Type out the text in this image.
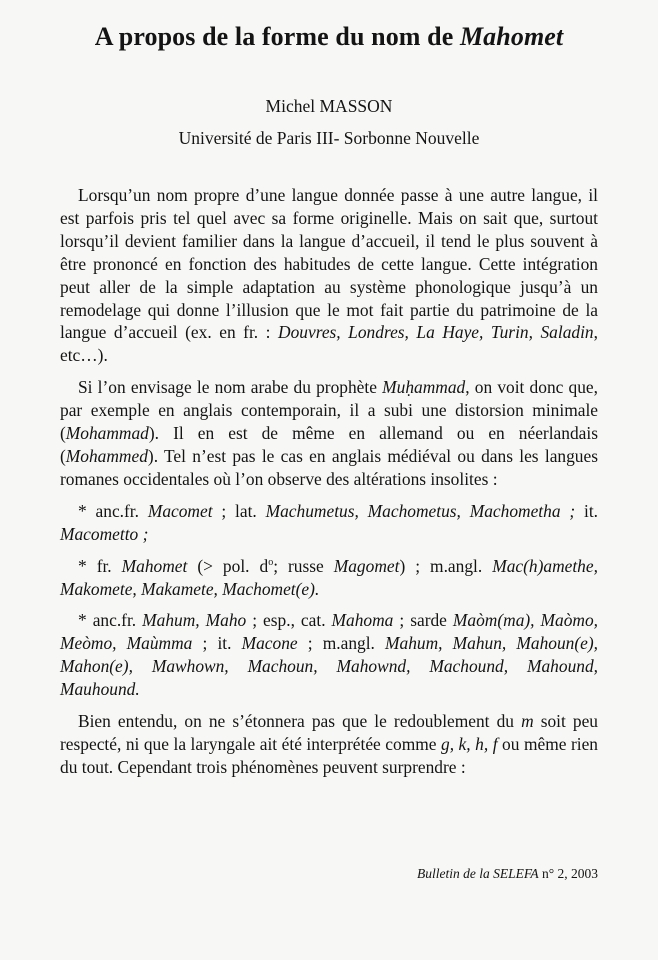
A propos de la forme du nom de Mahomet
Michel MASSON
Université de Paris III- Sorbonne Nouvelle

Lorsqu’un nom propre d’une langue donnée passe à une autre langue, il est parfois pris tel quel avec sa forme originelle. Mais on sait que, surtout lorsqu’il devient familier dans la langue d’accueil, il tend le plus souvent à être prononcé en fonction des habitudes de cette langue. Cette intégration peut aller de la simple adaptation au système phonologique jusqu’à un remodelage qui donne l’illusion que le mot fait partie du patrimoine de la langue d’accueil (ex. en fr. : Douvres, Londres, La Haye, Turin, Saladin, etc…).

Si l’on envisage le nom arabe du prophète Muḥammad, on voit donc que, par exemple en anglais contemporain, il a subi une distorsion minimale (Mohammad). Il en est de même en allemand ou en néerlandais (Mohammed). Tel n’est pas le cas en anglais médiéval ou dans les langues romanes occidentales où l’on observe des altérations insolites :

* anc.fr. Macomet ; lat. Machumetus, Machometus, Machometha ; it. Macometto ;

* fr. Mahomet (> pol. $d^o$; russe Magomet) ; m.angl. Mac(h)amethe, Makomete, Makamete, Machomet(e).

* anc.fr. Mahum, Maho ; esp., cat. Mahoma ; sarde Maòm(ma), Maòmo, Meòmo, Maùmma ; it. Macone ; m.angl. Mahum, Mahun, Mahoun(e), Mahon(e), Mawhown, Machoun, Mahownd, Machound, Mahound, Mauhound.

Bien entendu, on ne s’étonnera pas que le redoublement du m soit peu respecté, ni que la laryngale ait été interprétée comme g, k, h, f ou même rien du tout. Cependant trois phénomènes peuvent surprendre :

Bulletin de la SELEFA n° 2, 2003
